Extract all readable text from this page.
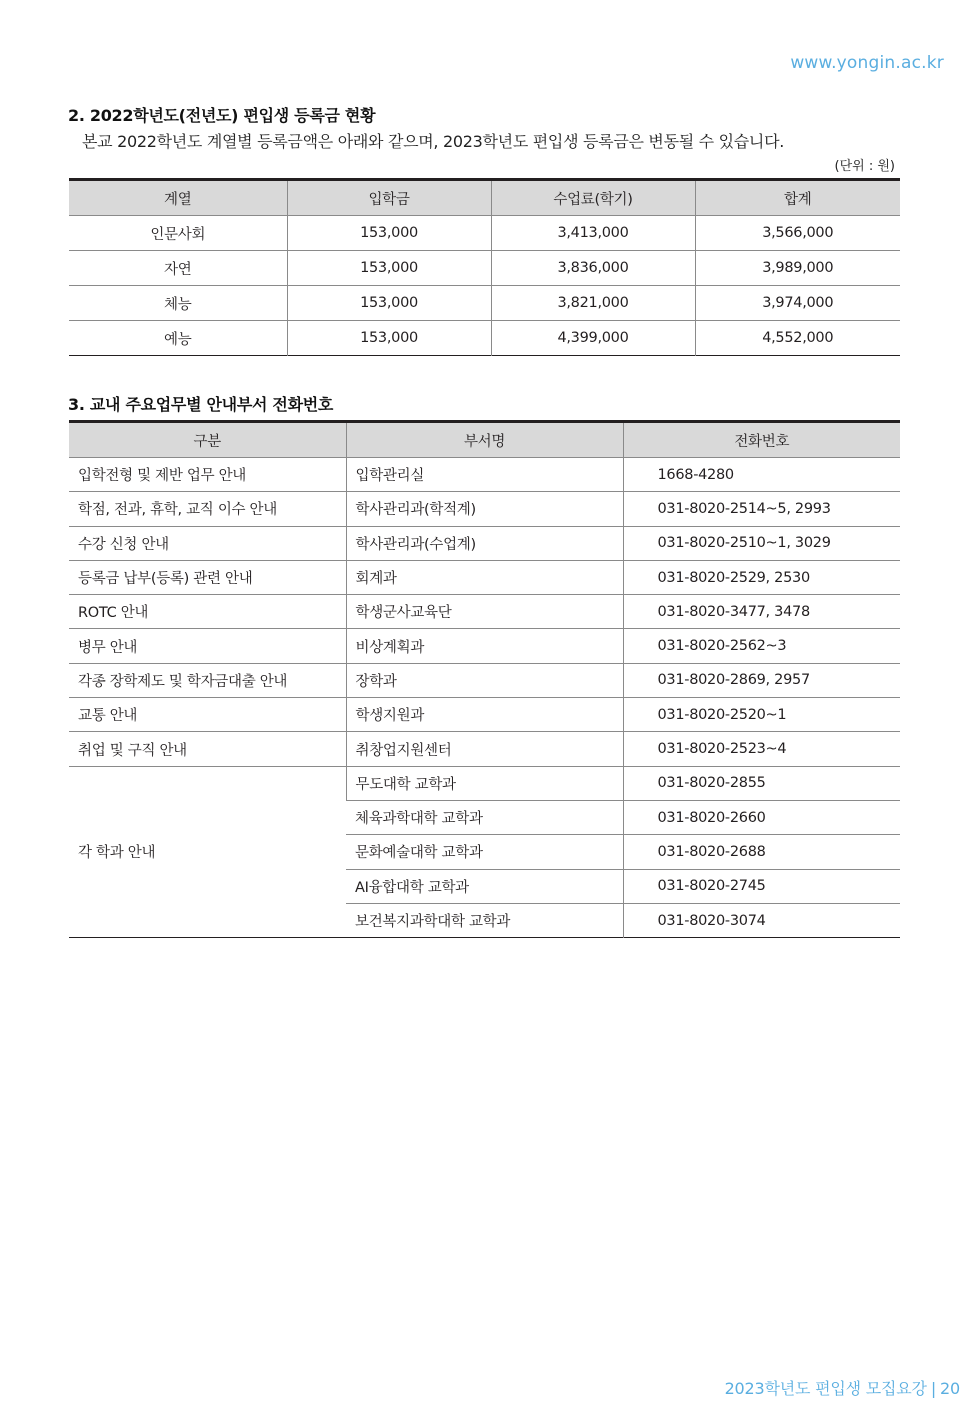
www.yongin.ac.kr
2. 2022학년도(전년도) 편입생 등록금 현황
본교 2022학년도 계열별 등록금액은 아래와 같으며, 2023학년도 편입생 등록금은 변동될 수 있습니다.
(단위 : 원)
계열	입학금	수업료(학기)	합계
인문사회	153,000	3,413,000	3,566,000
자연	153,000	3,836,000	3,989,000
체능	153,000	3,821,000	3,974,000
예능	153,000	4,399,000	4,552,000
3. 교내 주요업무별 안내부서 전화번호
구분	부서명	전화번호
입학전형 및 제반 업무 안내	입학관리실	1668-4280
학점, 전과, 휴학, 교직 이수 안내	학사관리과(학적계)	031-8020-2514~5, 2993
수강 신청 안내	학사관리과(수업계)	031-8020-2510~1, 3029
등록금 납부(등록) 관련 안내	회계과	031-8020-2529, 2530
ROTC 안내	학생군사교육단	031-8020-3477, 3478
병무 안내	비상계획과	031-8020-2562~3
각종 장학제도 및 학자금대출 안내	장학과	031-8020-2869, 2957
교통 안내	학생지원과	031-8020-2520~1
취업 및 구직 안내	취창업지원센터	031-8020-2523~4
각 학과 안내	무도대학 교학과	031-8020-2855
	체육과학대학 교학과	031-8020-2660
	문화예술대학 교학과	031-8020-2688
	AI융합대학 교학과	031-8020-2745
	보건복지과학대학 교학과	031-8020-3074
2023학년도 편입생 모집요강 | 20
